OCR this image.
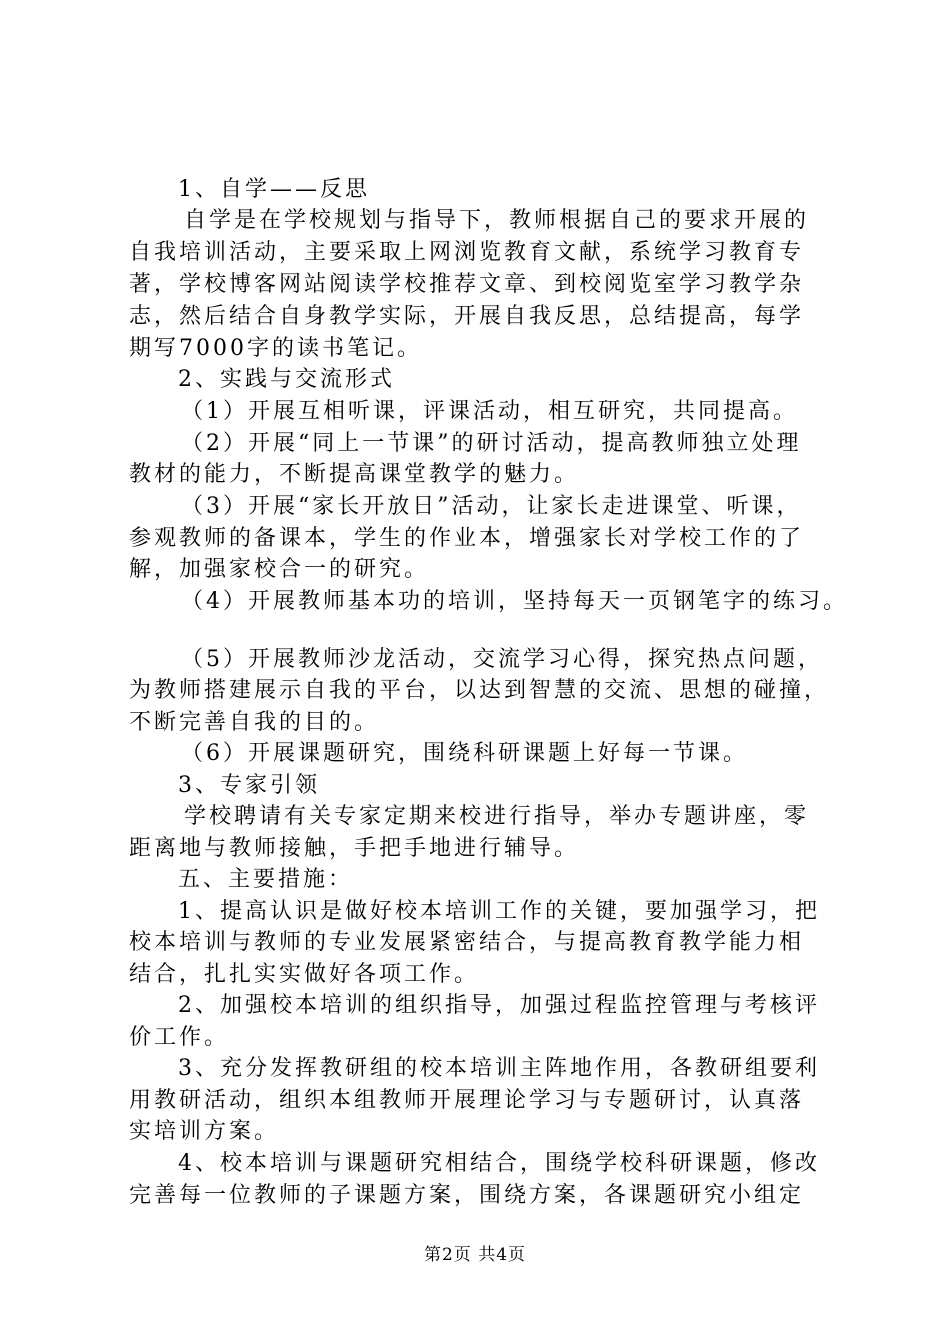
1、自学——反思
自学是在学校规划与指导下，教师根据自己的要求开展的
自我培训活动，主要采取上网浏览教育文献，系统学习教育专
著，学校博客网站阅读学校推荐文章、到校阅览室学习教学杂
志，然后结合自身教学实际，开展自我反思，总结提高，每学
期写7000字的读书笔记。
2、实践与交流形式
（1）开展互相听课，评课活动，相互研究，共同提高。
（2）开展“同上一节课”的研讨活动，提高教师独立处理
教材的能力，不断提高课堂教学的魅力。
（3）开展“家长开放日”活动，让家长走进课堂、听课，
参观教师的备课本，学生的作业本，增强家长对学校工作的了
解，加强家校合一的研究。
（4）开展教师基本功的培训，坚持每天一页钢笔字的练习。
（5）开展教师沙龙活动，交流学习心得，探究热点问题，
为教师搭建展示自我的平台，以达到智慧的交流、思想的碰撞，
不断完善自我的目的。
（6）开展课题研究，围绕科研课题上好每一节课。
3、专家引领
学校聘请有关专家定期来校进行指导，举办专题讲座，零
距离地与教师接触，手把手地进行辅导。
五、主要措施：
1、提高认识是做好校本培训工作的关键，要加强学习，把
校本培训与教师的专业发展紧密结合，与提高教育教学能力相
结合，扎扎实实做好各项工作。
2、加强校本培训的组织指导，加强过程监控管理与考核评
价工作。
3、充分发挥教研组的校本培训主阵地作用，各教研组要利
用教研活动，组织本组教师开展理论学习与专题研讨，认真落
实培训方案。
4、校本培训与课题研究相结合，围绕学校科研课题，修改
完善每一位教师的子课题方案，围绕方案，各课题研究小组定
第2页 共4页
